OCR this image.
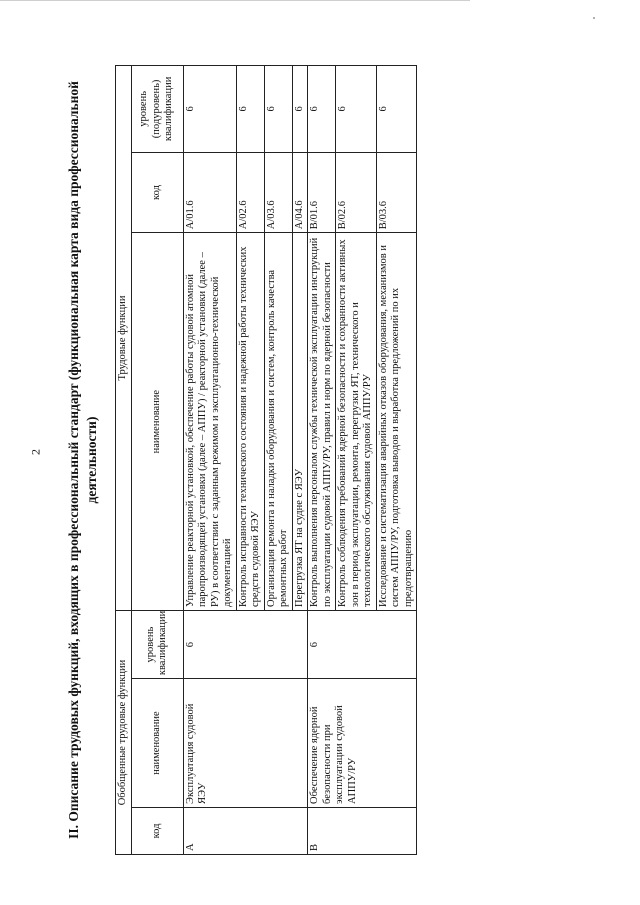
2 II. Описание трудовых функций, входящих в профессиональный стандарт (функциональная карта вида профессиональной деятельности)
Обобщенные трудовые функции			Трудовые функции		
код	наименование	уровень квалификации	наименование	код	уровень (подуровень) квалификации
A	Эксплуатация судовой ЯЭУ	6	Управление реакторной установкой, обеспечение работы судовой атомной паропроизводящей установки (далее – АППУ) / реакторной установки (далее – РУ) в соответствии с заданным режимом и эксплуатационно-технической документацией	A/01.6	6
			Контроль исправности технического состояния и надежной работы технических средств судовой ЯЭУ	A/02.6	6
			Организация ремонта и наладки оборудования и систем, контроль качества ремонтных работ	A/03.6	6
			Перегрузка ЯТ на судне с ЯЭУ	A/04.6	6
B	Обеспечение ядерной безопасности при эксплуатации судовой АППУ/РУ	6	Контроль выполнения персоналом службы технической эксплуатации инструкций по эксплуатации судовой АППУ/РУ, правил и норм по ядерной безопасности	B/01.6	6
			Контроль соблюдения требований ядерной безопасности и сохранности активных зон в период эксплуатации, ремонта, перегрузки ЯТ, технического и технологического обслуживания судовой АППУ/РУ	B/02.6	6
			Исследование и систематизация аварийных отказов оборудования, механизмов и систем АППУ/РУ, подготовка выводов и выработка предложений по их предотвращению	B/03.6	6
